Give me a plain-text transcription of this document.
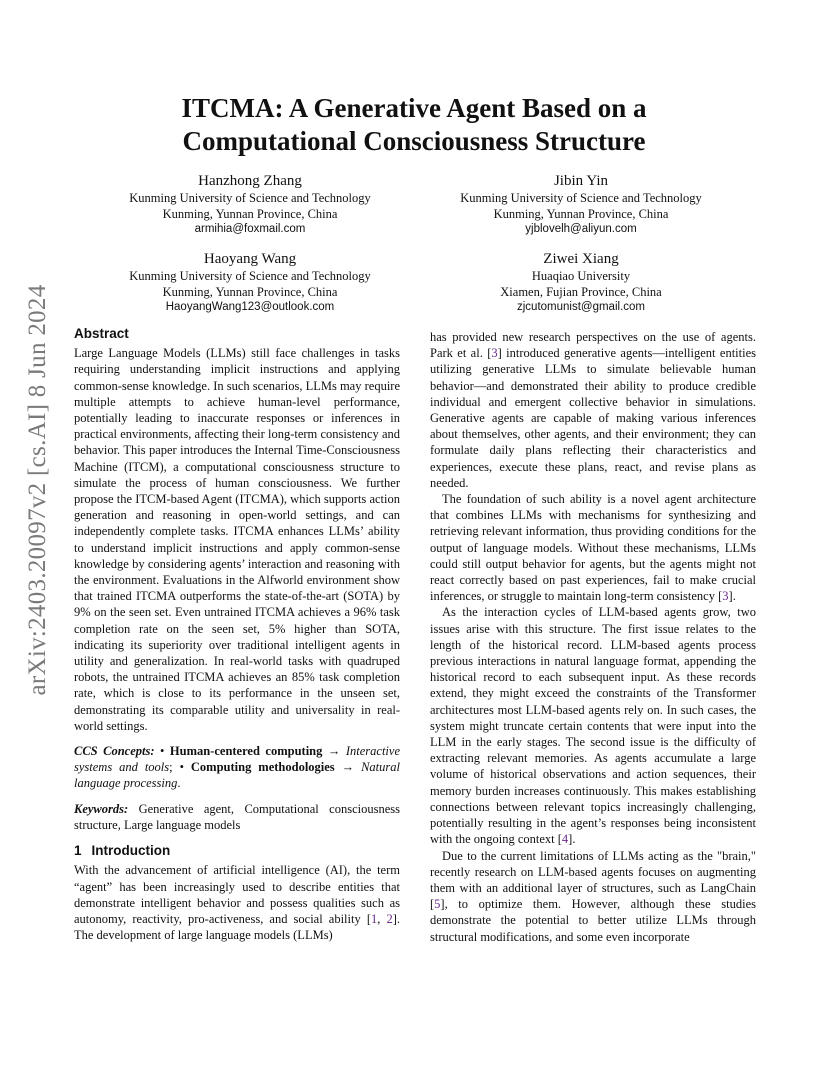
ITCMA: A Generative Agent Based on a
Computational Consciousness Structure
arXiv:2403.20097v2 [cs.AI] 8 Jun 2024
Hanzhong Zhang
Kunming University of Science and Technology
Kunming, Yunnan Province, China
armihia@foxmail.com
Jibin Yin
Kunming University of Science and Technology
Kunming, Yunnan Province, China
yjblovelh@aliyun.com
Haoyang Wang
Kunming University of Science and Technology
Kunming, Yunnan Province, China
HaoyangWang123@outlook.com
Ziwei Xiang
Huaqiao University
Xiamen, Fujian Province, China
zjcutomunist@gmail.com
Abstract

Large Language Models (LLMs) still face challenges in tasks requiring understanding implicit instructions and applying common-sense knowledge. In such scenarios, LLMs may require multiple attempts to achieve human-level performance, potentially leading to inaccurate responses or inferences in practical environments, affecting their long-term consistency and behavior. This paper introduces the Internal Time-Consciousness Machine (ITCM), a computational consciousness structure to simulate the process of human consciousness. We further propose the ITCM-based Agent (ITCMA), which supports action generation and reasoning in open-world settings, and can independently complete tasks. ITCMA enhances LLMs’ ability to understand implicit instructions and apply common-sense knowledge by considering agents’ interaction and reasoning with the environment. Evaluations in the Alfworld environment show that trained ITCMA outperforms the state-of-the-art (SOTA) by 9% on the seen set. Even untrained ITCMA achieves a 96% task completion rate on the seen set, 5% higher than SOTA, indicating its superiority over traditional intelligent agents in utility and generalization. In real-world tasks with quadruped robots, the untrained ITCMA achieves an 85% task completion rate, which is close to its performance in the unseen set, demonstrating its comparable utility and universality in real-world settings.

CCS Concepts: • Human-centered computing → Interactive systems and tools; • Computing methodologies → Natural language processing.

Keywords: Generative agent, Computational consciousness structure, Large language models

1 Introduction

With the advancement of artificial intelligence (AI), the term “agent” has been increasingly used to describe entities that demonstrate intelligent behavior and possess qualities such as autonomy, reactivity, pro-activeness, and social ability [1, 2]. The development of large language models (LLMs)

has provided new research perspectives on the use of agents. Park et al. [3] introduced generative agents—intelligent entities utilizing generative LLMs to simulate believable human behavior—and demonstrated their ability to produce credible individual and emergent collective behavior in simulations. Generative agents are capable of making various inferences about themselves, other agents, and their environment; they can formulate daily plans reflecting their characteristics and experiences, execute these plans, react, and revise plans as needed.

The foundation of such ability is a novel agent architecture that combines LLMs with mechanisms for synthesizing and retrieving relevant information, thus providing conditions for the output of language models. Without these mechanisms, LLMs could still output behavior for agents, but the agents might not react correctly based on past experiences, fail to make crucial inferences, or struggle to maintain long-term consistency [3].

As the interaction cycles of LLM-based agents grow, two issues arise with this structure. The first issue relates to the length of the historical record. LLM-based agents process previous interactions in natural language format, appending the historical record to each subsequent input. As these records extend, they might exceed the constraints of the Transformer architectures most LLM-based agents rely on. In such cases, the system might truncate certain contents that were input into the LLM in the early stages. The second issue is the difficulty of extracting relevant memories. As agents accumulate a large volume of historical observations and action sequences, their memory burden increases continuously. This makes establishing connections between relevant topics increasingly challenging, potentially resulting in the agent’s responses being inconsistent with the ongoing context [4].

Due to the current limitations of LLMs acting as the "brain," recently research on LLM-based agents focuses on augmenting them with an additional layer of structures, such as LangChain [5], to optimize them. However, although these studies demonstrate the potential to better utilize LLMs through structural modifications, and some even incorporate
